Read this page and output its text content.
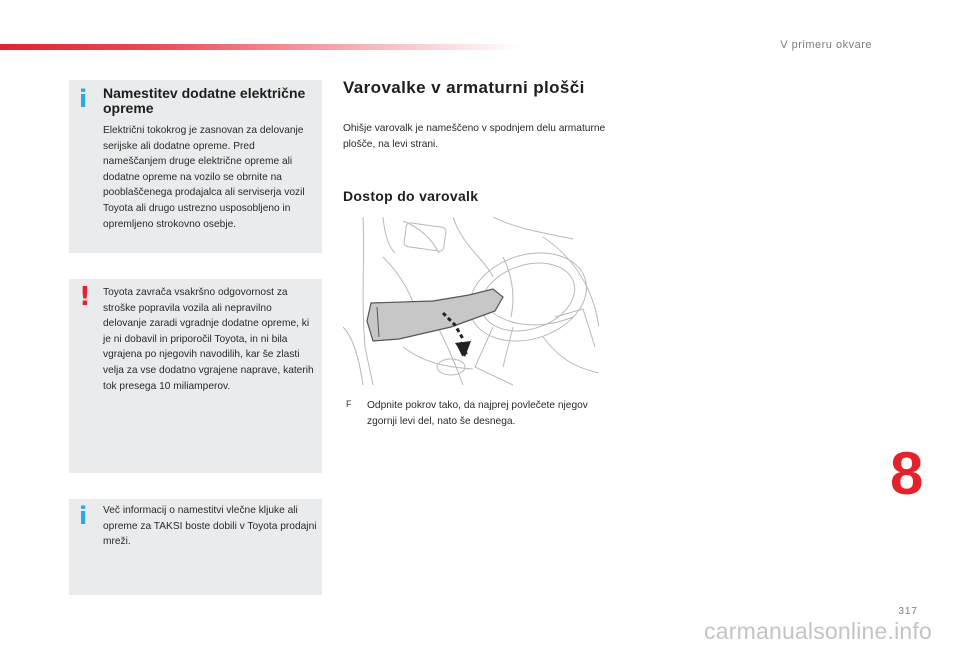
V primeru okvare
i Namestitev dodatne električne opreme
Električni tokokrog je zasnovan za delovanje serijske ali dodatne opreme. Pred nameščanjem druge električne opreme ali dodatne opreme na vozilo se obrnite na pooblaščenega prodajalca ali serviserja vozil Toyota ali drugo ustrezno usposobljeno in opremljeno strokovno osebje.
! Toyota zavrača vsakršno odgovornost za stroške popravila vozila ali nepravilno delovanje zaradi vgradnje dodatne opreme, ki je ni dobavil in priporočil Toyota, in ni bila vgrajena po njegovih navodilih, kar še zlasti velja za vse dodatno vgrajene naprave, katerih tok presega 10 miliamperov.
i Več informacij o namestitvi vlečne kljuke ali opreme za TAKSI boste dobili v Toyota prodajni mreži.
Varovalke v armaturni plošči
Ohišje varovalk je nameščeno v spodnjem delu armaturne plošče, na levi strani.
Dostop do varovalk
F Odpnite pokrov tako, da najprej povlečete njegov zgornji levi del, nato še desnega.
8
317
carmanualsonline.info
